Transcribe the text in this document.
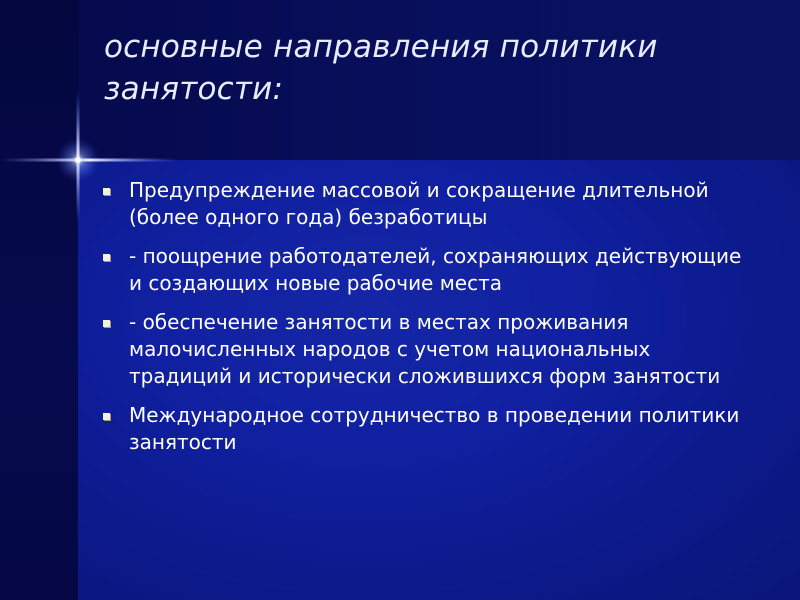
основные направления политики занятости:
Предупреждение массовой и сокращение длительной (более одного года) безработицы
- поощрение работодателей, сохраняющих действующие и создающих новые рабочие места
- обеспечение занятости в местах проживания малочисленных народов с учетом национальных традиций и исторически сложившихся форм занятости
Международное сотрудничество в проведении политики занятости
